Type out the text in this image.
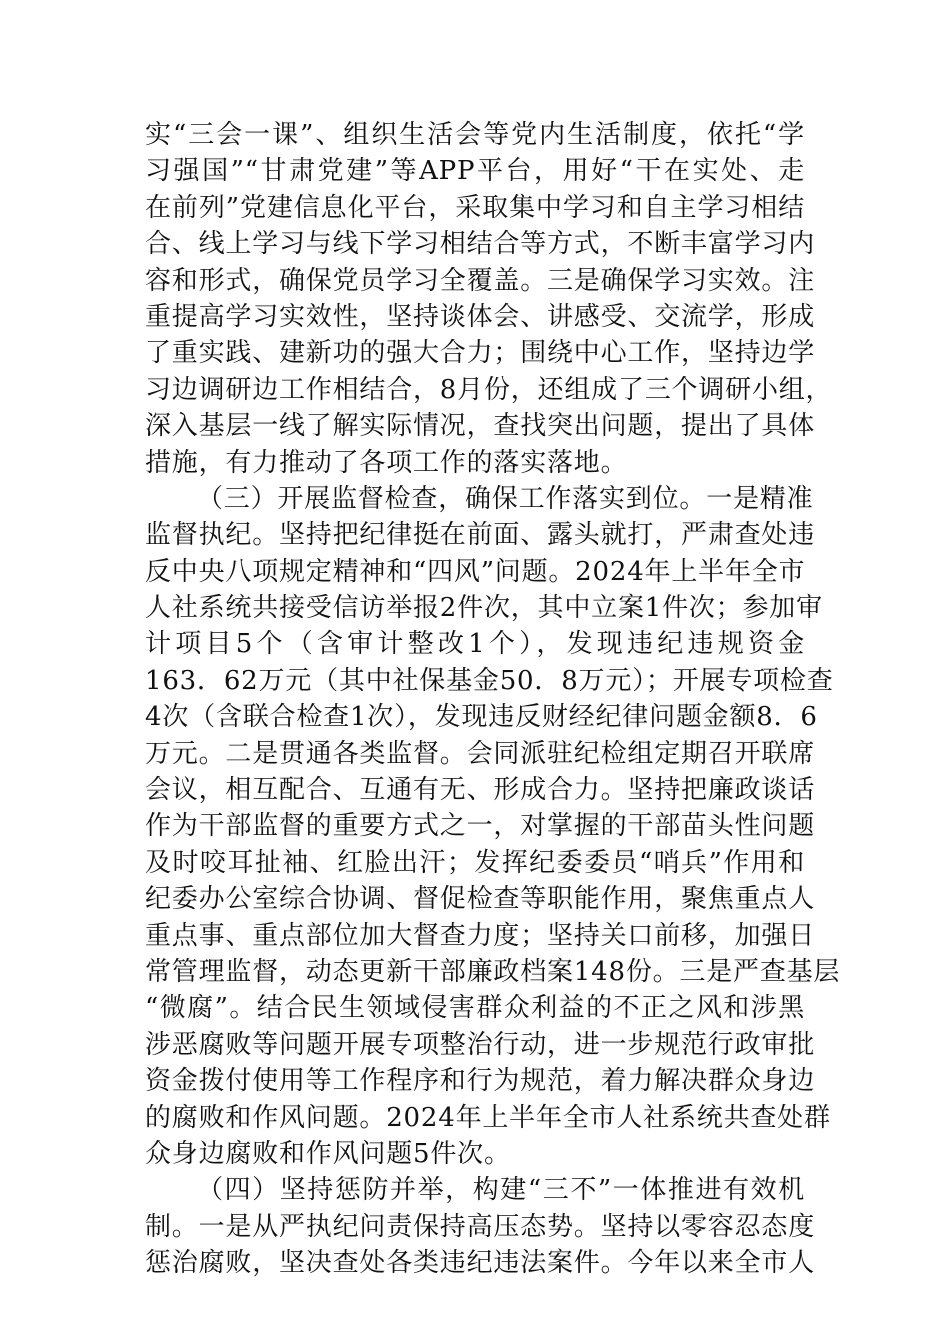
实“三会一课”、组织生活会等党内生活制度，依托“学
习强国”“甘肃党建”等APP平台，用好“干在实处、走
在前列”党建信息化平台，采取集中学习和自主学习相结
合、线上学习与线下学习相结合等方式，不断丰富学习内
容和形式，确保党员学习全覆盖。三是确保学习实效。注
重提高学习实效性，坚持谈体会、讲感受、交流学，形成
了重实践、建新功的强大合力；围绕中心工作，坚持边学
习边调研边工作相结合，8月份，还组成了三个调研小组，
深入基层一线了解实际情况，查找突出问题，提出了具体
措施，有力推动了各项工作的落实落地。
（三）开展监督检查，确保工作落实到位。一是精准
监督执纪。坚持把纪律挺在前面、露头就打，严肃查处违
反中央八项规定精神和“四风”问题。2024年上半年全市
人社系统共接受信访举报2件次，其中立案1件次；参加审
计项目5个（含审计整改1个），发现违纪违规资金
163．62万元（其中社保基金50．8万元）；开展专项检查
4次（含联合检查1次），发现违反财经纪律问题金额8．6
万元。二是贯通各类监督。会同派驻纪检组定期召开联席
会议，相互配合、互通有无、形成合力。坚持把廉政谈话
作为干部监督的重要方式之一，对掌握的干部苗头性问题
及时咬耳扯袖、红脸出汗；发挥纪委委员“哨兵”作用和
纪委办公室综合协调、督促检查等职能作用，聚焦重点人
重点事、重点部位加大督查力度；坚持关口前移，加强日
常管理监督，动态更新干部廉政档案148份。三是严查基层
“微腐”。结合民生领域侵害群众利益的不正之风和涉黑
涉恶腐败等问题开展专项整治行动，进一步规范行政审批
资金拨付使用等工作程序和行为规范，着力解决群众身边
的腐败和作风问题。2024年上半年全市人社系统共查处群
众身边腐败和作风问题5件次。
（四）坚持惩防并举，构建“三不”一体推进有效机
制。一是从严执纪问责保持高压态势。坚持以零容忍态度
惩治腐败，坚决查处各类违纪违法案件。今年以来全市人
